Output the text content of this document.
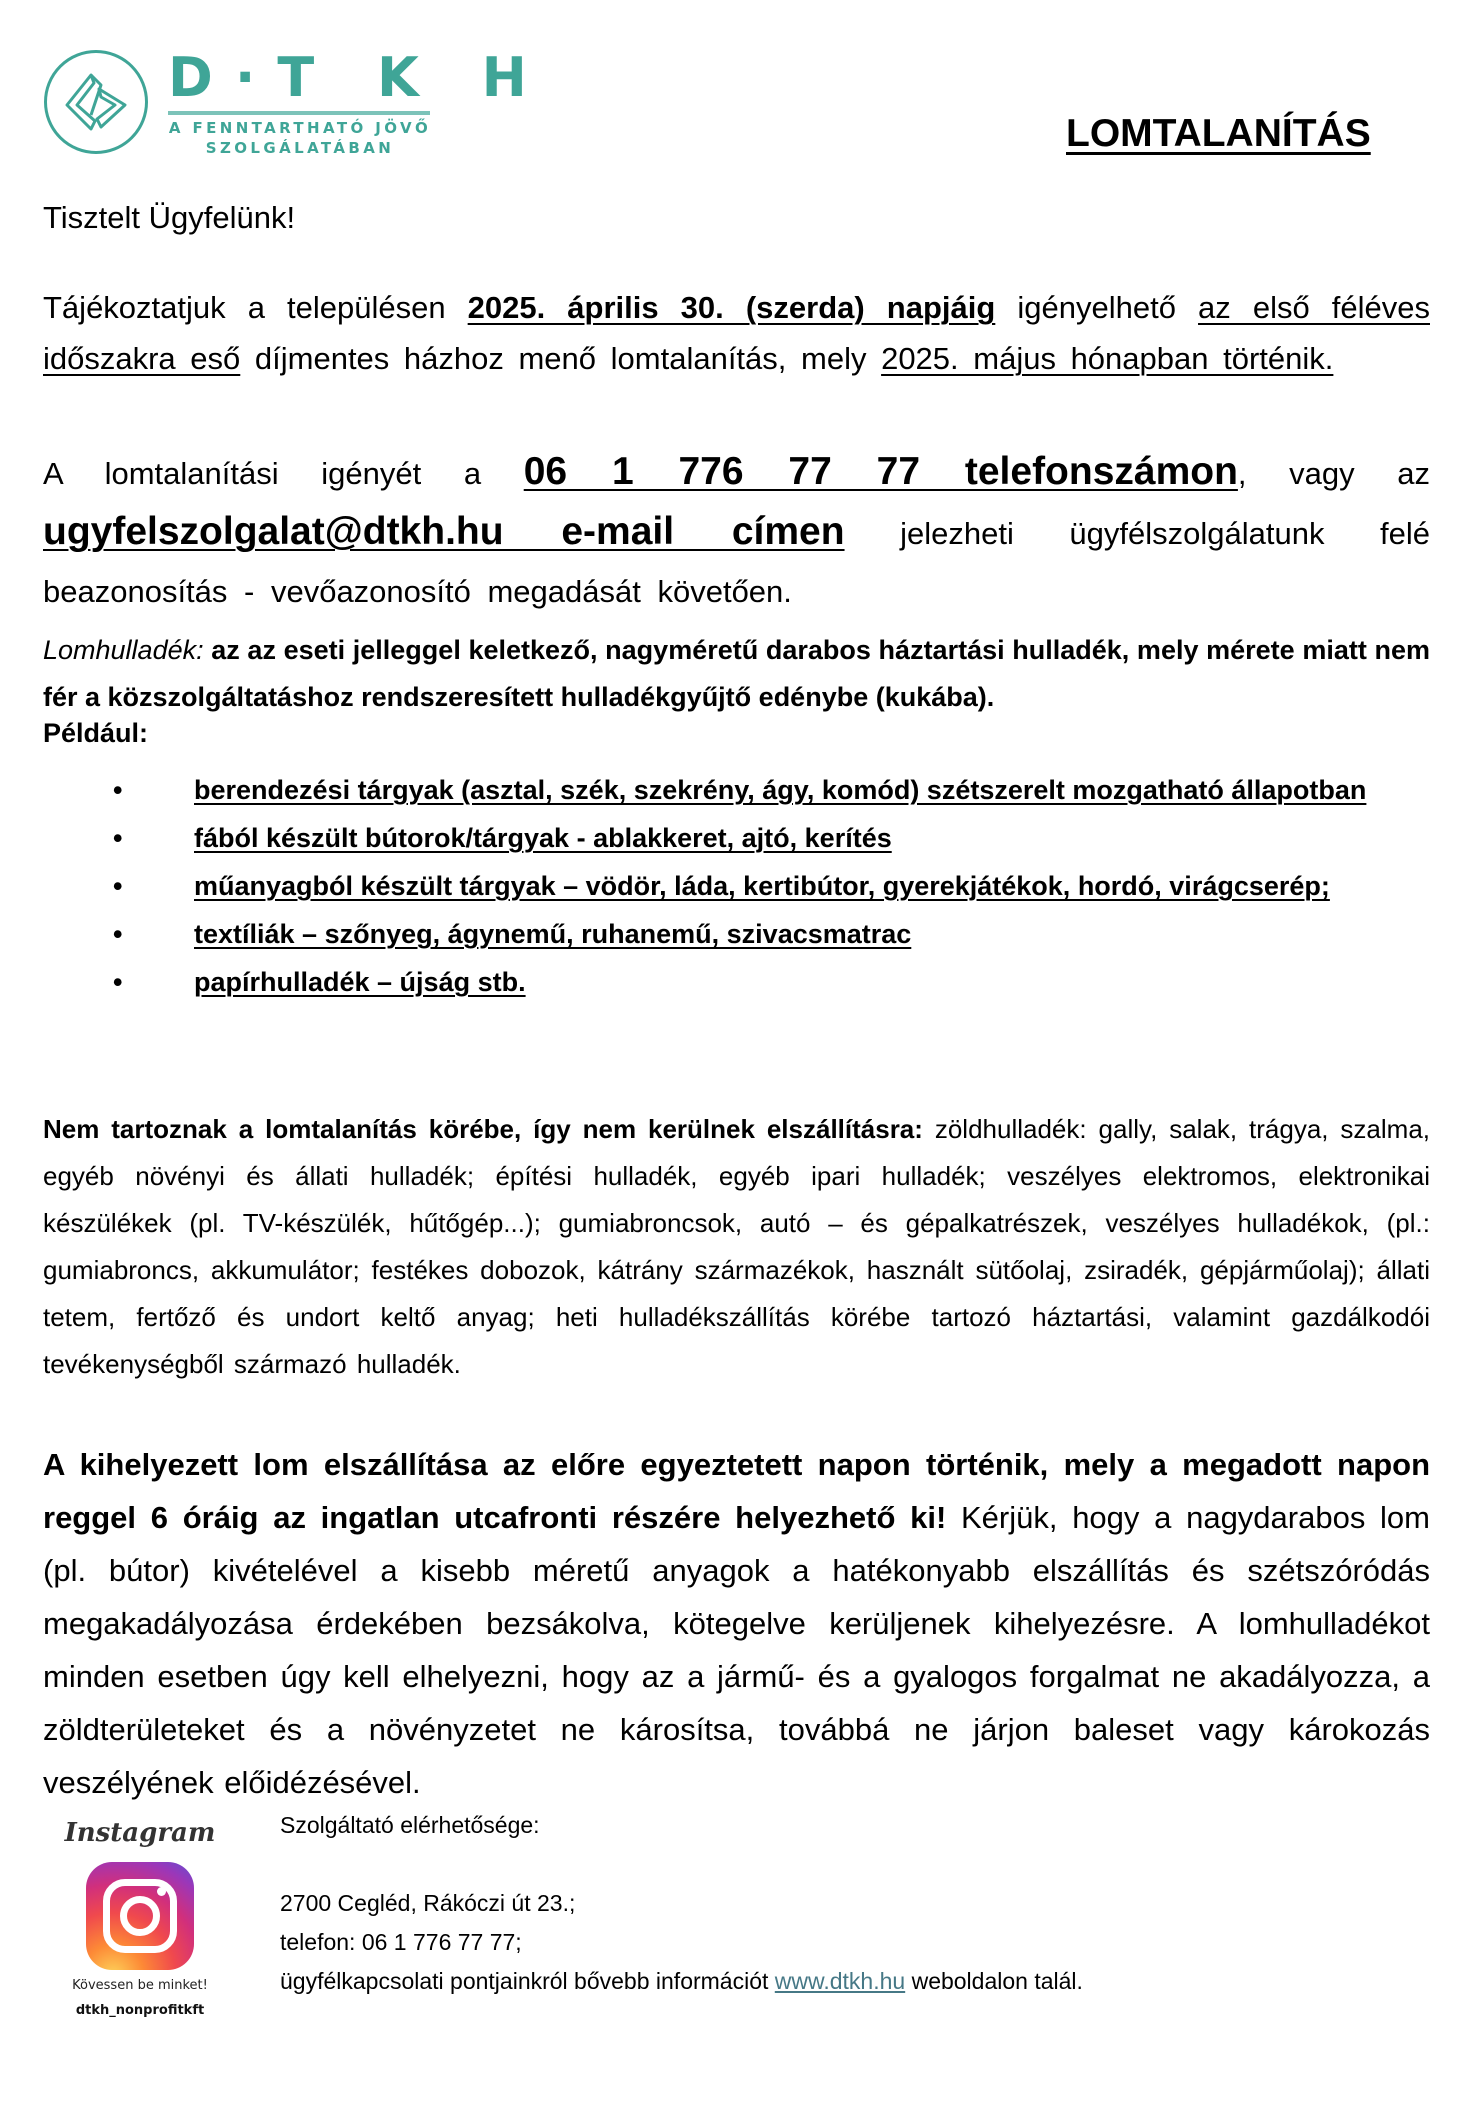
D·T K H
A FENNTARTHATÓ JÖVŐ
SZOLGÁLATÁBAN	LOMTALANÍTÁS
Tisztelt Ügyfelünk!
Tájékoztatjuk a településen 2025. április 30. (szerda) napjáig igényelhető az első féléves időszakra eső díjmentes házhoz menő lomtalanítás, mely 2025. május hónapban történik.
A lomtalanítási igényét a 06 1 776 77 77 telefonszámon, vagy az ugyfelszolgalat@dtkh.hu e-mail címen jelezheti ügyfélszolgálatunk felé beazonosítás - vevőazonosító megadását követően.
Lomhulladék: az az eseti jelleggel keletkező, nagyméretű darabos háztartási hulladék, mely mérete miatt nem fér a közszolgáltatáshoz rendszeresített hulladékgyűjtő edénybe (kukába).
Például:
•	berendezési tárgyak (asztal, szék, szekrény, ágy, komód) szétszerelt mozgatható állapotban
•	fából készült bútorok/tárgyak - ablakkeret, ajtó, kerítés
•	műanyagból készült tárgyak – vödör, láda, kertibútor, gyerekjátékok, hordó, virágcserép;
•	textíliák – szőnyeg, ágynemű, ruhanemű, szivacsmatrac
•	papírhulladék – újság stb.
Nem tartoznak a lomtalanítás körébe, így nem kerülnek elszállításra: zöldhulladék: gally, salak, trágya, szalma, egyéb növényi és állati hulladék; építési hulladék, egyéb ipari hulladék; veszélyes elektromos, elektronikai készülékek (pl. TV-készülék, hűtőgép...); gumiabroncsok, autó – és gépalkatrészek, veszélyes hulladékok, (pl.: gumiabroncs, akkumulátor; festékes dobozok, kátrány származékok, használt sütőolaj, zsiradék, gépjárműolaj); állati tetem, fertőző és undort keltő anyag; heti hulladékszállítás körébe tartozó háztartási, valamint gazdálkodói tevékenységből származó hulladék.
A kihelyezett lom elszállítása az előre egyeztetett napon történik, mely a megadott napon reggel 6 óráig az ingatlan utcafronti részére helyezhető ki! Kérjük, hogy a nagydarabos lom (pl. bútor) kivételével a kisebb méretű anyagok a hatékonyabb elszállítás és szétszóródás megakadályozása érdekében bezsákolva, kötegelve kerüljenek kihelyezésre. A lomhulladékot minden esetben úgy kell elhelyezni, hogy az a jármű- és a gyalogos forgalmat ne akadályozza, a zöldterületeket és a növényzetet ne károsítsa, továbbá ne járjon baleset vagy károkozás veszélyének előidézésével.
Instagram
Kövessen be minket!
dtkh_nonprofitkft
Szolgáltató elérhetősége:
2700 Cegléd, Rákóczi út 23.;
telefon: 06 1 776 77 77;
ügyfélkapcsolati pontjainkról bővebb információt www.dtkh.hu weboldalon talál.
